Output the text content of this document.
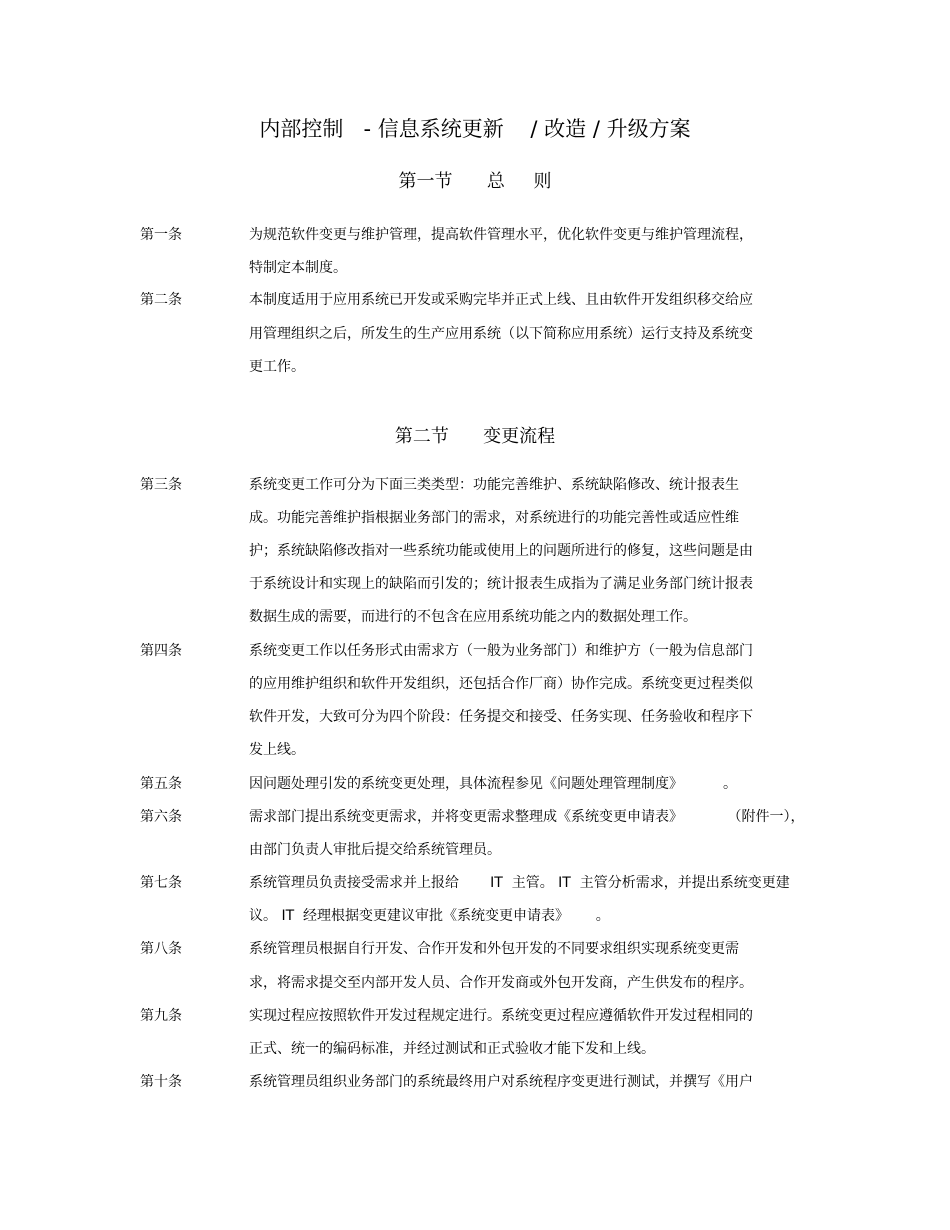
内部控制   - 信息系统更新    / 改造 / 升级方案
第一节      总     则
第一条	为规范软件变更与维护管理，提高软件管理水平，优化软件变更与维护管理流程，
特制定本制度。
第二条	本制度适用于应用系统已开发或采购完毕并正式上线、且由软件开发组织移交给应
用管理组织之后，所发生的生产应用系统（以下简称应用系统）运行支持及系统变
更工作。
第二节      变更流程
第三条	系统变更工作可分为下面三类类型：功能完善维护、系统缺陷修改、统计报表生
成。功能完善维护指根据业务部门的需求，对系统进行的功能完善性或适应性维
护；系统缺陷修改指对一些系统功能或使用上的问题所进行的修复，这些问题是由
于系统设计和实现上的缺陷而引发的；统计报表生成指为了满足业务部门统计报表
数据生成的需要，而进行的不包含在应用系统功能之内的数据处理工作。
第四条	系统变更工作以任务形式由需求方（一般为业务部门）和维护方（一般为信息部门
的应用维护组织和软件开发组织，还包括合作厂商）协作完成。系统变更过程类似
软件开发，大致可分为四个阶段：任务提交和接受、任务实现、任务验收和程序下
发上线。
第五条	因问题处理引发的系统变更处理，具体流程参见《问题处理管理制度》         。
第六条	需求部门提出系统变更需求，并将变更需求整理成《系统变更申请表》          （附件一），
由部门负责人审批后提交给系统管理员。
第七条	系统管理员负责接受需求并上报给       IT  主管。 IT  主管分析需求，并提出系统变更建
议。 IT  经理根据变更建议审批《系统变更申请表》      。
第八条	系统管理员根据自行开发、合作开发和外包开发的不同要求组织实现系统变更需
求，将需求提交至内部开发人员、合作开发商或外包开发商，产生供发布的程序。
第九条	实现过程应按照软件开发过程规定进行。系统变更过程应遵循软件开发过程相同的
正式、统一的编码标准，并经过测试和正式验收才能下发和上线。
第十条	系统管理员组织业务部门的系统最终用户对系统程序变更进行测试，并撰写《用户
